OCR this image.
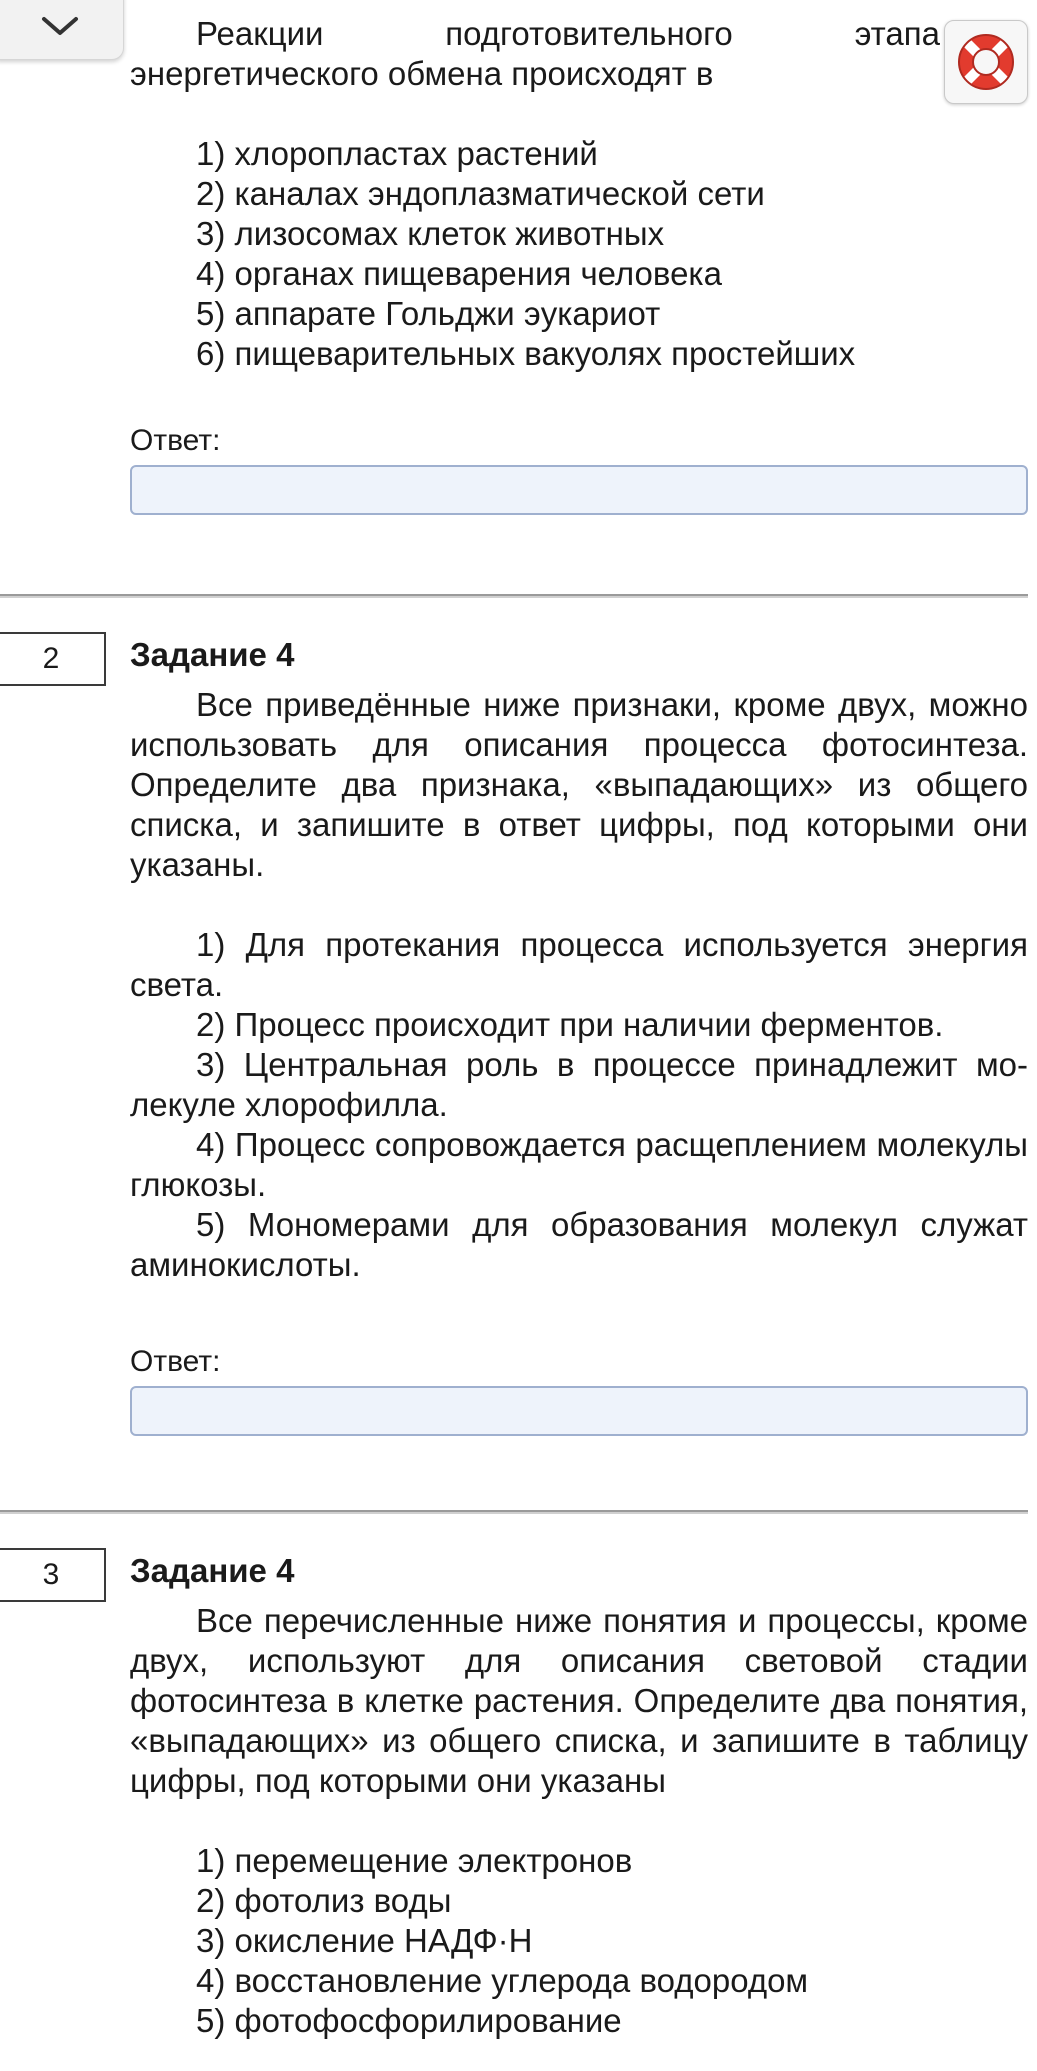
Реакции подготовительного этапа энергетического обмена происходят в

1) хлоропластах растений

2) каналах эндоплазматической сети

3) лизосомах клеток животных

4) органах пищеварения человека

5) аппарате Гольджи эукариот

6) пищеварительных вакуолях простейших

Ответ:
2	Задание 4

Все приведённые ниже признаки, кроме двух, можно использовать для описания процесса фотосинтеза. Определите два признака, «выпадающих» из общего списка, и запишите в ответ цифры, под которыми они указаны.

1) Для протекания процесса используется энергия света.

2) Процесс происходит при наличии ферментов.

3) Центральная роль в процессе принадлежит молекуле хлорофилла.

4) Процесс сопровождается расщеплением молекулы глюкозы.

5) Мономерами для образования молекул служат аминокислоты.

Ответ:
3	Задание 4

Все перечисленные ниже понятия и процессы, кроме двух, используют для описания световой стадии фотосинтеза в клетке растения. Определите два понятия, «выпадающих» из общего списка, и запишите в таблицу цифры, под которыми они указаны

1) перемещение электронов

2) фотолиз воды

3) окисление НАДФ·Н

4) восстановление углерода водородом

5) фотофосфорилирование
